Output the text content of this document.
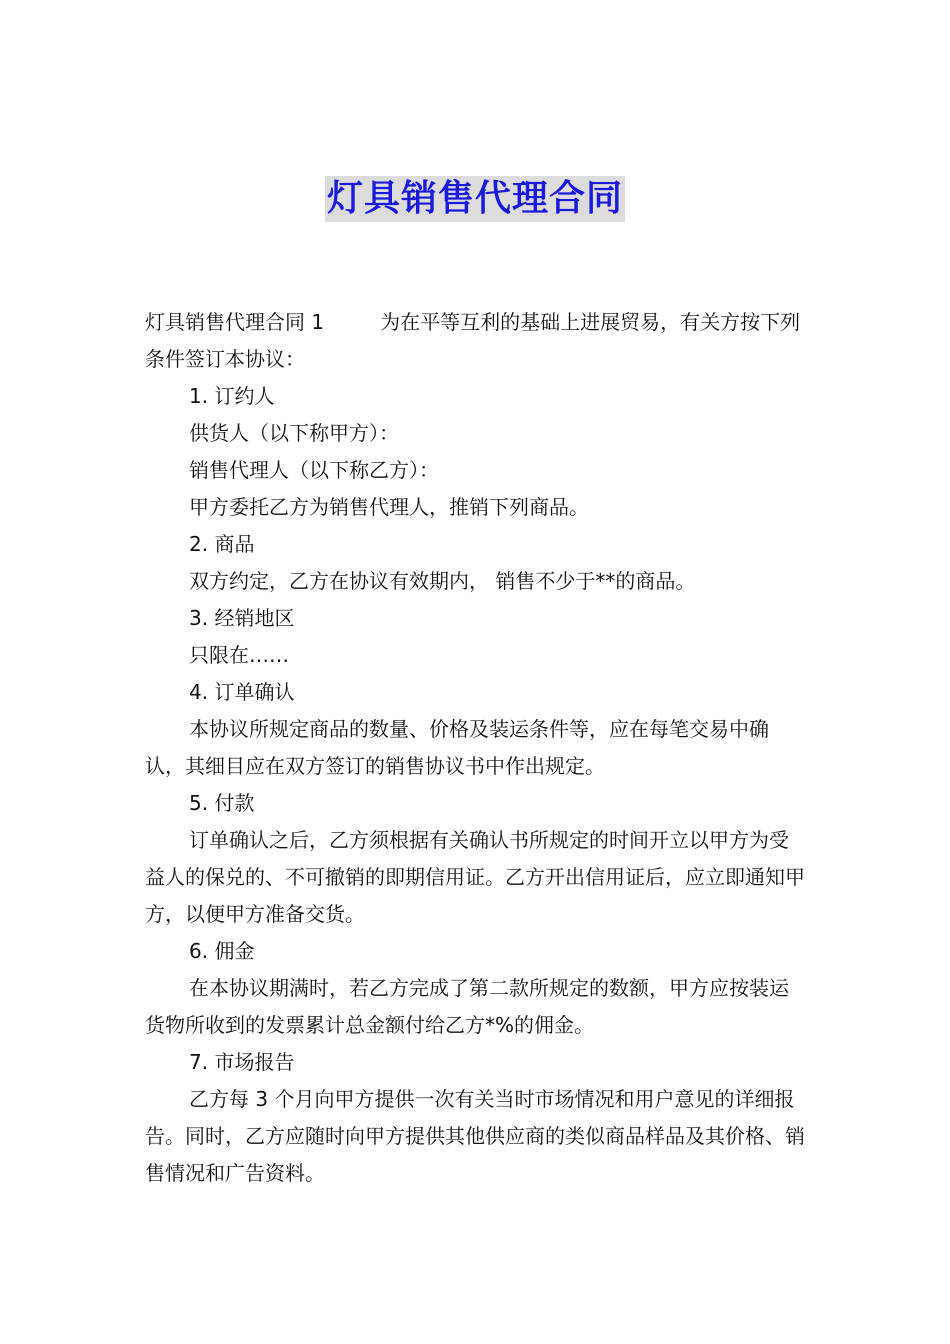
灯具销售代理合同

灯具销售代理合同 1	为在平等互利的基础上进展贸易，有关方按下列条件签订本协议：

1. 订约人

供货人（以下称甲方）：

销售代理人（以下称乙方）：

甲方委托乙方为销售代理人，推销下列商品。

2. 商品

双方约定，乙方在协议有效期内， 销售不少于**的商品。

3. 经销地区

只限在……

4. 订单确认

本协议所规定商品的数量、价格及装运条件等，应在每笔交易中确认，其细目应在双方签订的销售协议书中作出规定。

5. 付款

订单确认之后，乙方须根据有关确认书所规定的时间开立以甲方为受益人的保兑的、不可撤销的即期信用证。乙方开出信用证后，应立即通知甲方，以便甲方准备交货。

6. 佣金

在本协议期满时，若乙方完成了第二款所规定的数额，甲方应按装运货物所收到的发票累计总金额付给乙方*%的佣金。

7. 市场报告

乙方每 3 个月向甲方提供一次有关当时市场情况和用户意见的详细报告。同时，乙方应随时向甲方提供其他供应商的类似商品样品及其价格、销售情况和广告资料。
